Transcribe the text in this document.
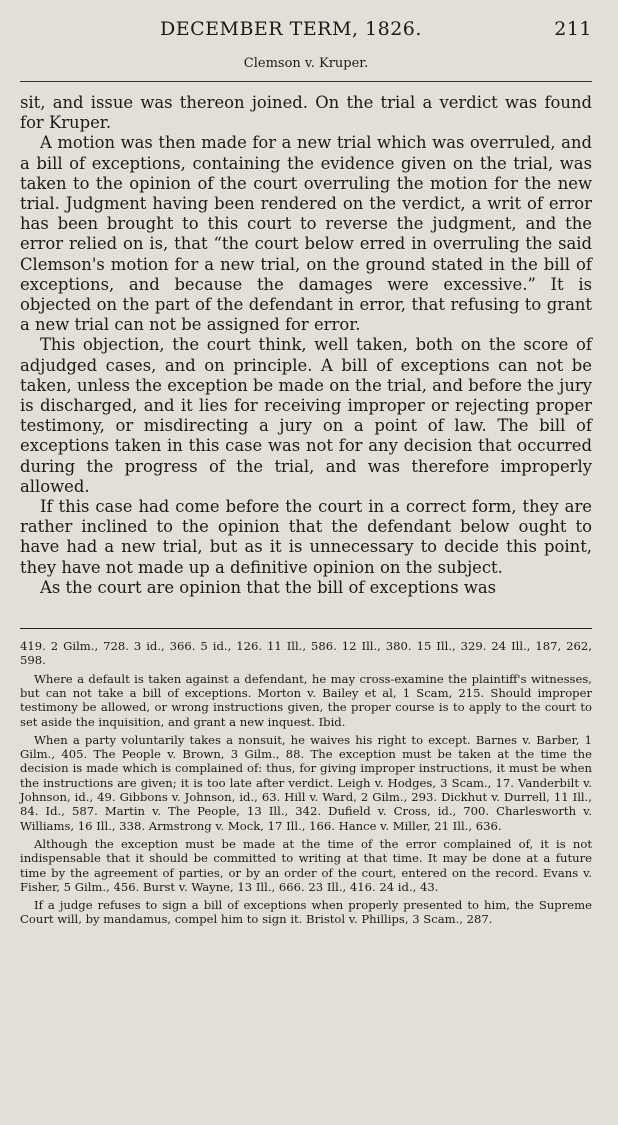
DECEMBER TERM, 1826.	211
Clemson v. Kruper.

sit, and issue was thereon joined. On the trial a verdict was found for Kruper.

A motion was then made for a new trial which was overruled, and a bill of exceptions, containing the evidence given on the trial, was taken to the opinion of the court overruling the motion for the new trial. Judgment having been rendered on the verdict, a writ of error has been brought to this court to reverse the judgment, and the error relied on is, that “the court below erred in overruling the said Clemson's motion for a new trial, on the ground stated in the bill of exceptions, and because the damages were excessive.” It is objected on the part of the defendant in error, that refusing to grant a new trial can not be assigned for error.

This objection, the court think, well taken, both on the score of adjudged cases, and on principle. A bill of exceptions can not be taken, unless the exception be made on the trial, and before the jury is discharged, and it lies for receiving improper or rejecting proper testimony, or misdirecting a jury on a point of law. The bill of exceptions taken in this case was not for any decision that occurred during the progress of the trial, and was therefore improperly allowed.

If this case had come before the court in a correct form, they are rather inclined to the opinion that the defendant below ought to have had a new trial, but as it is unnecessary to decide this point, they have not made up a definitive opinion on the subject.

As the court are opinion that the bill of exceptions was

419. 2 Gilm., 728. 3 id., 366. 5 id., 126. 11 Ill., 586. 12 Ill., 380. 15 Ill., 329. 24 Ill., 187, 262, 598.

Where a default is taken against a defendant, he may cross-examine the plaintiff's witnesses, but can not take a bill of exceptions. Morton v. Bailey et al, 1 Scam, 215. Should improper testimony be allowed, or wrong instructions given, the proper course is to apply to the court to set aside the inquisition, and grant a new inquest. Ibid.

When a party voluntarily takes a nonsuit, he waives his right to except. Barnes v. Barber, 1 Gilm., 405. The People v. Brown, 3 Gilm., 88. The exception must be taken at the time the decision is made which is complained of: thus, for giving improper instructions, it must be when the instructions are given; it is too late after verdict. Leigh v. Hodges, 3 Scam., 17. Vanderbilt v. Johnson, id., 49. Gibbons v. Johnson, id., 63. Hill v. Ward, 2 Gilm., 293. Dickhut v. Durrell, 11 Ill., 84. Id., 587. Martin v. The People, 13 Ill., 342. Dufield v. Cross, id., 700. Charlesworth v. Williams, 16 Ill., 338. Armstrong v. Mock, 17 Ill., 166. Hance v. Miller, 21 Ill., 636.

Although the exception must be made at the time of the error complained of, it is not indispensable that it should be committed to writing at that time. It may be done at a future time by the agreement of parties, or by an order of the court, entered on the record. Evans v. Fisher, 5 Gilm., 456. Burst v. Wayne, 13 Ill., 666. 23 Ill., 416. 24 id., 43.

If a judge refuses to sign a bill of exceptions when properly presented to him, the Supreme Court will, by mandamus, compel him to sign it. Bristol v. Phillips, 3 Scam., 287.
